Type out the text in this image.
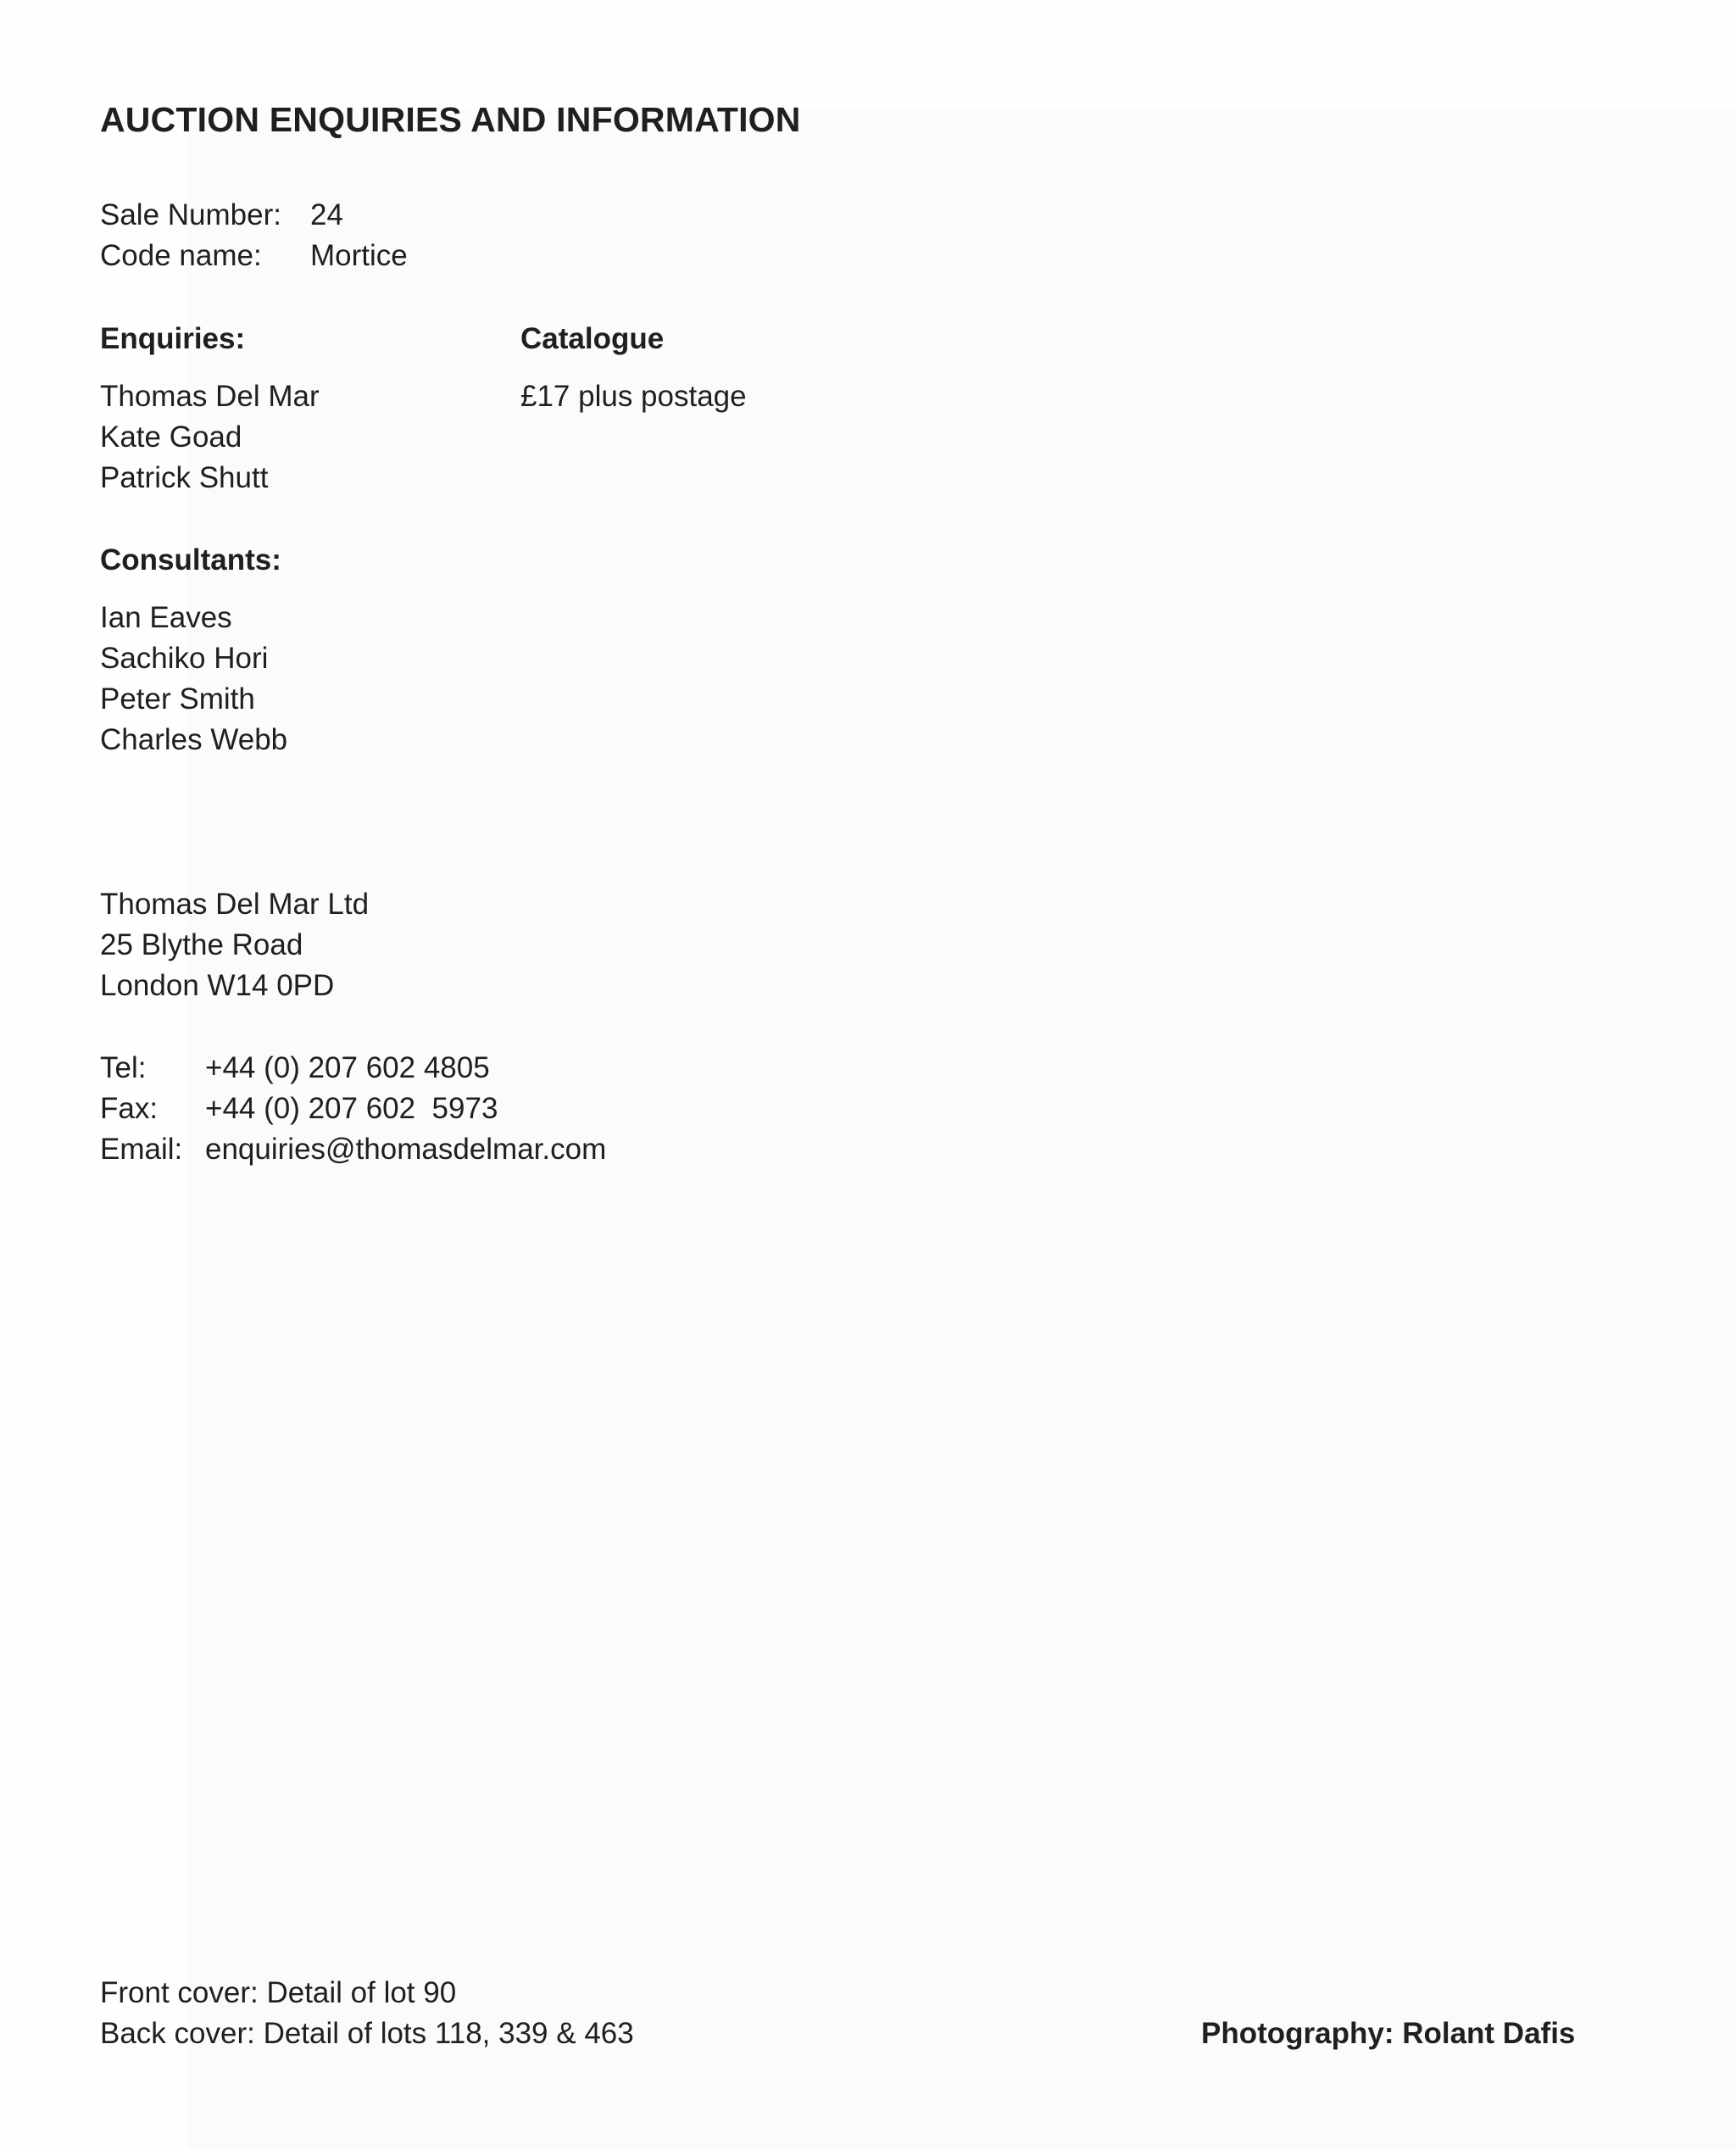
AUCTION ENQUIRIES AND INFORMATION
Sale Number: 24
Code name: Mortice
Enquiries:
Thomas Del Mar
Kate Goad
Patrick Shutt
Catalogue
£17 plus postage
Consultants:
Ian Eaves
Sachiko Hori
Peter Smith
Charles Webb
Thomas Del Mar Ltd
25 Blythe Road
London W14 0PD
Tel: +44 (0) 207 602 4805
Fax: +44 (0) 207 602  5973
Email: enquiries@thomasdelmar.com
Front cover: Detail of lot 90
Back cover: Detail of lots 118, 339 & 463	Photography: Rolant Dafis
